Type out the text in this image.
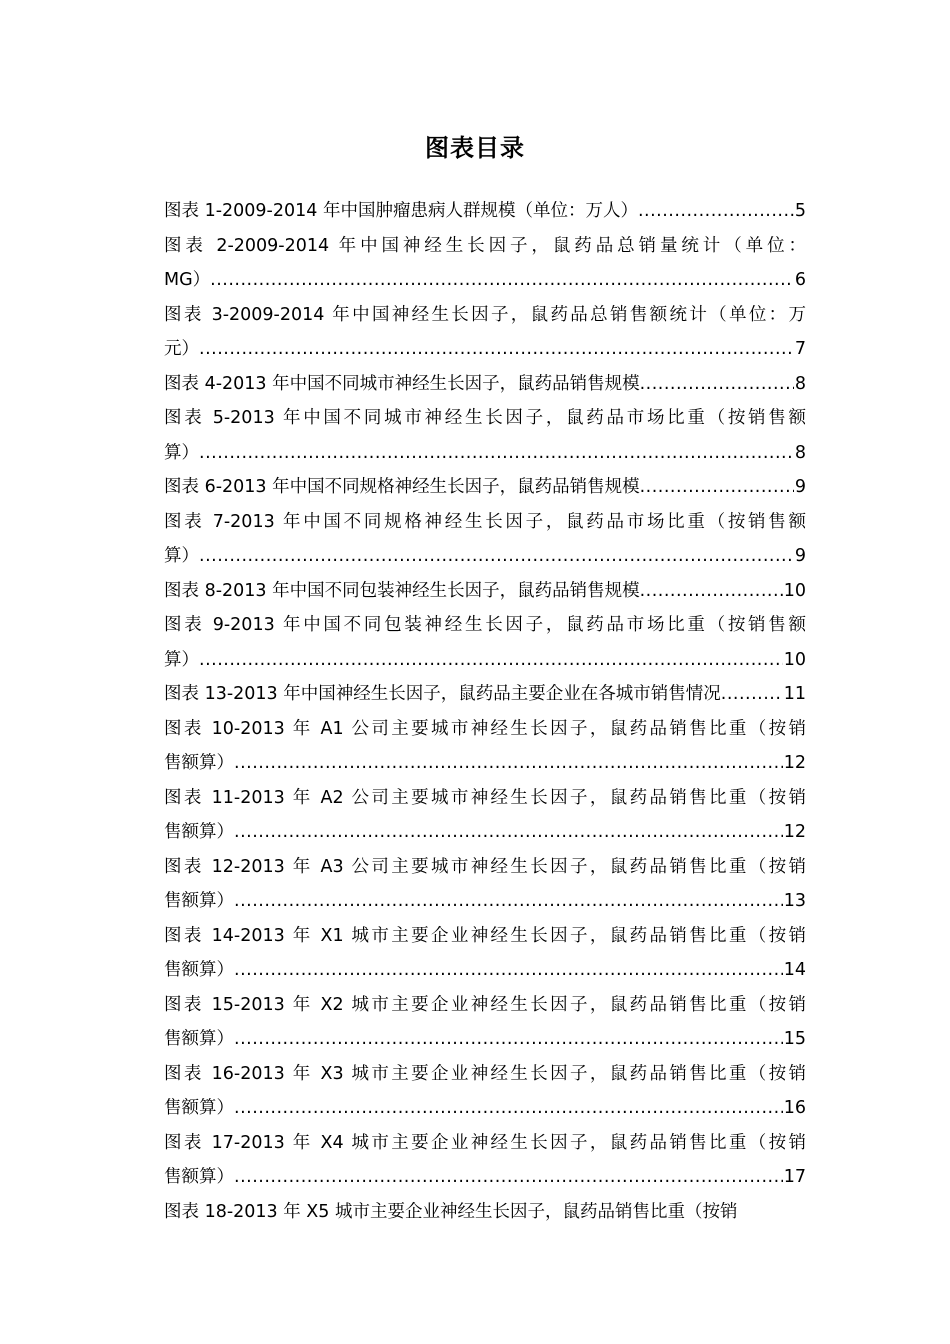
图表目录
图表 1-2009-2014 年中国肿瘤患病人群规模（单位：万人） .....	5
图表 2-2009-2014 年中国神经生长因子，鼠药品总销量统计（单位：
MG） .....	6
图表 3-2009-2014 年中国神经生长因子，鼠药品总销售额统计（单位：万
元） .....	7
图表 4-2013 年中国不同城市神经生长因子，鼠药品销售规模 .....	8
图表 5-2013 年中国不同城市神经生长因子，鼠药品市场比重（按销售额
算） .....	8
图表 6-2013 年中国不同规格神经生长因子，鼠药品销售规模 .....	9
图表 7-2013 年中国不同规格神经生长因子，鼠药品市场比重（按销售额
算） .....	9
图表 8-2013 年中国不同包装神经生长因子，鼠药品销售规模 .....	10
图表 9-2013 年中国不同包装神经生长因子，鼠药品市场比重（按销售额
算） .....	10
图表 13-2013 年中国神经生长因子，鼠药品主要企业在各城市销售情况 .....	11
图表 10-2013 年 A1 公司主要城市神经生长因子，鼠药品销售比重（按销
售额算） .....	12
图表 11-2013 年 A2 公司主要城市神经生长因子，鼠药品销售比重（按销
售额算） .....	12
图表 12-2013 年 A3 公司主要城市神经生长因子，鼠药品销售比重（按销
售额算） .....	13
图表 14-2013 年 X1 城市主要企业神经生长因子，鼠药品销售比重（按销
售额算） .....	14
图表 15-2013 年 X2 城市主要企业神经生长因子，鼠药品销售比重（按销
售额算） .....	15
图表 16-2013 年 X3 城市主要企业神经生长因子，鼠药品销售比重（按销
售额算） .....	16
图表 17-2013 年 X4 城市主要企业神经生长因子，鼠药品销售比重（按销
售额算） .....	17
图表 18-2013 年 X5 城市主要企业神经生长因子，鼠药品销售比重（按销
